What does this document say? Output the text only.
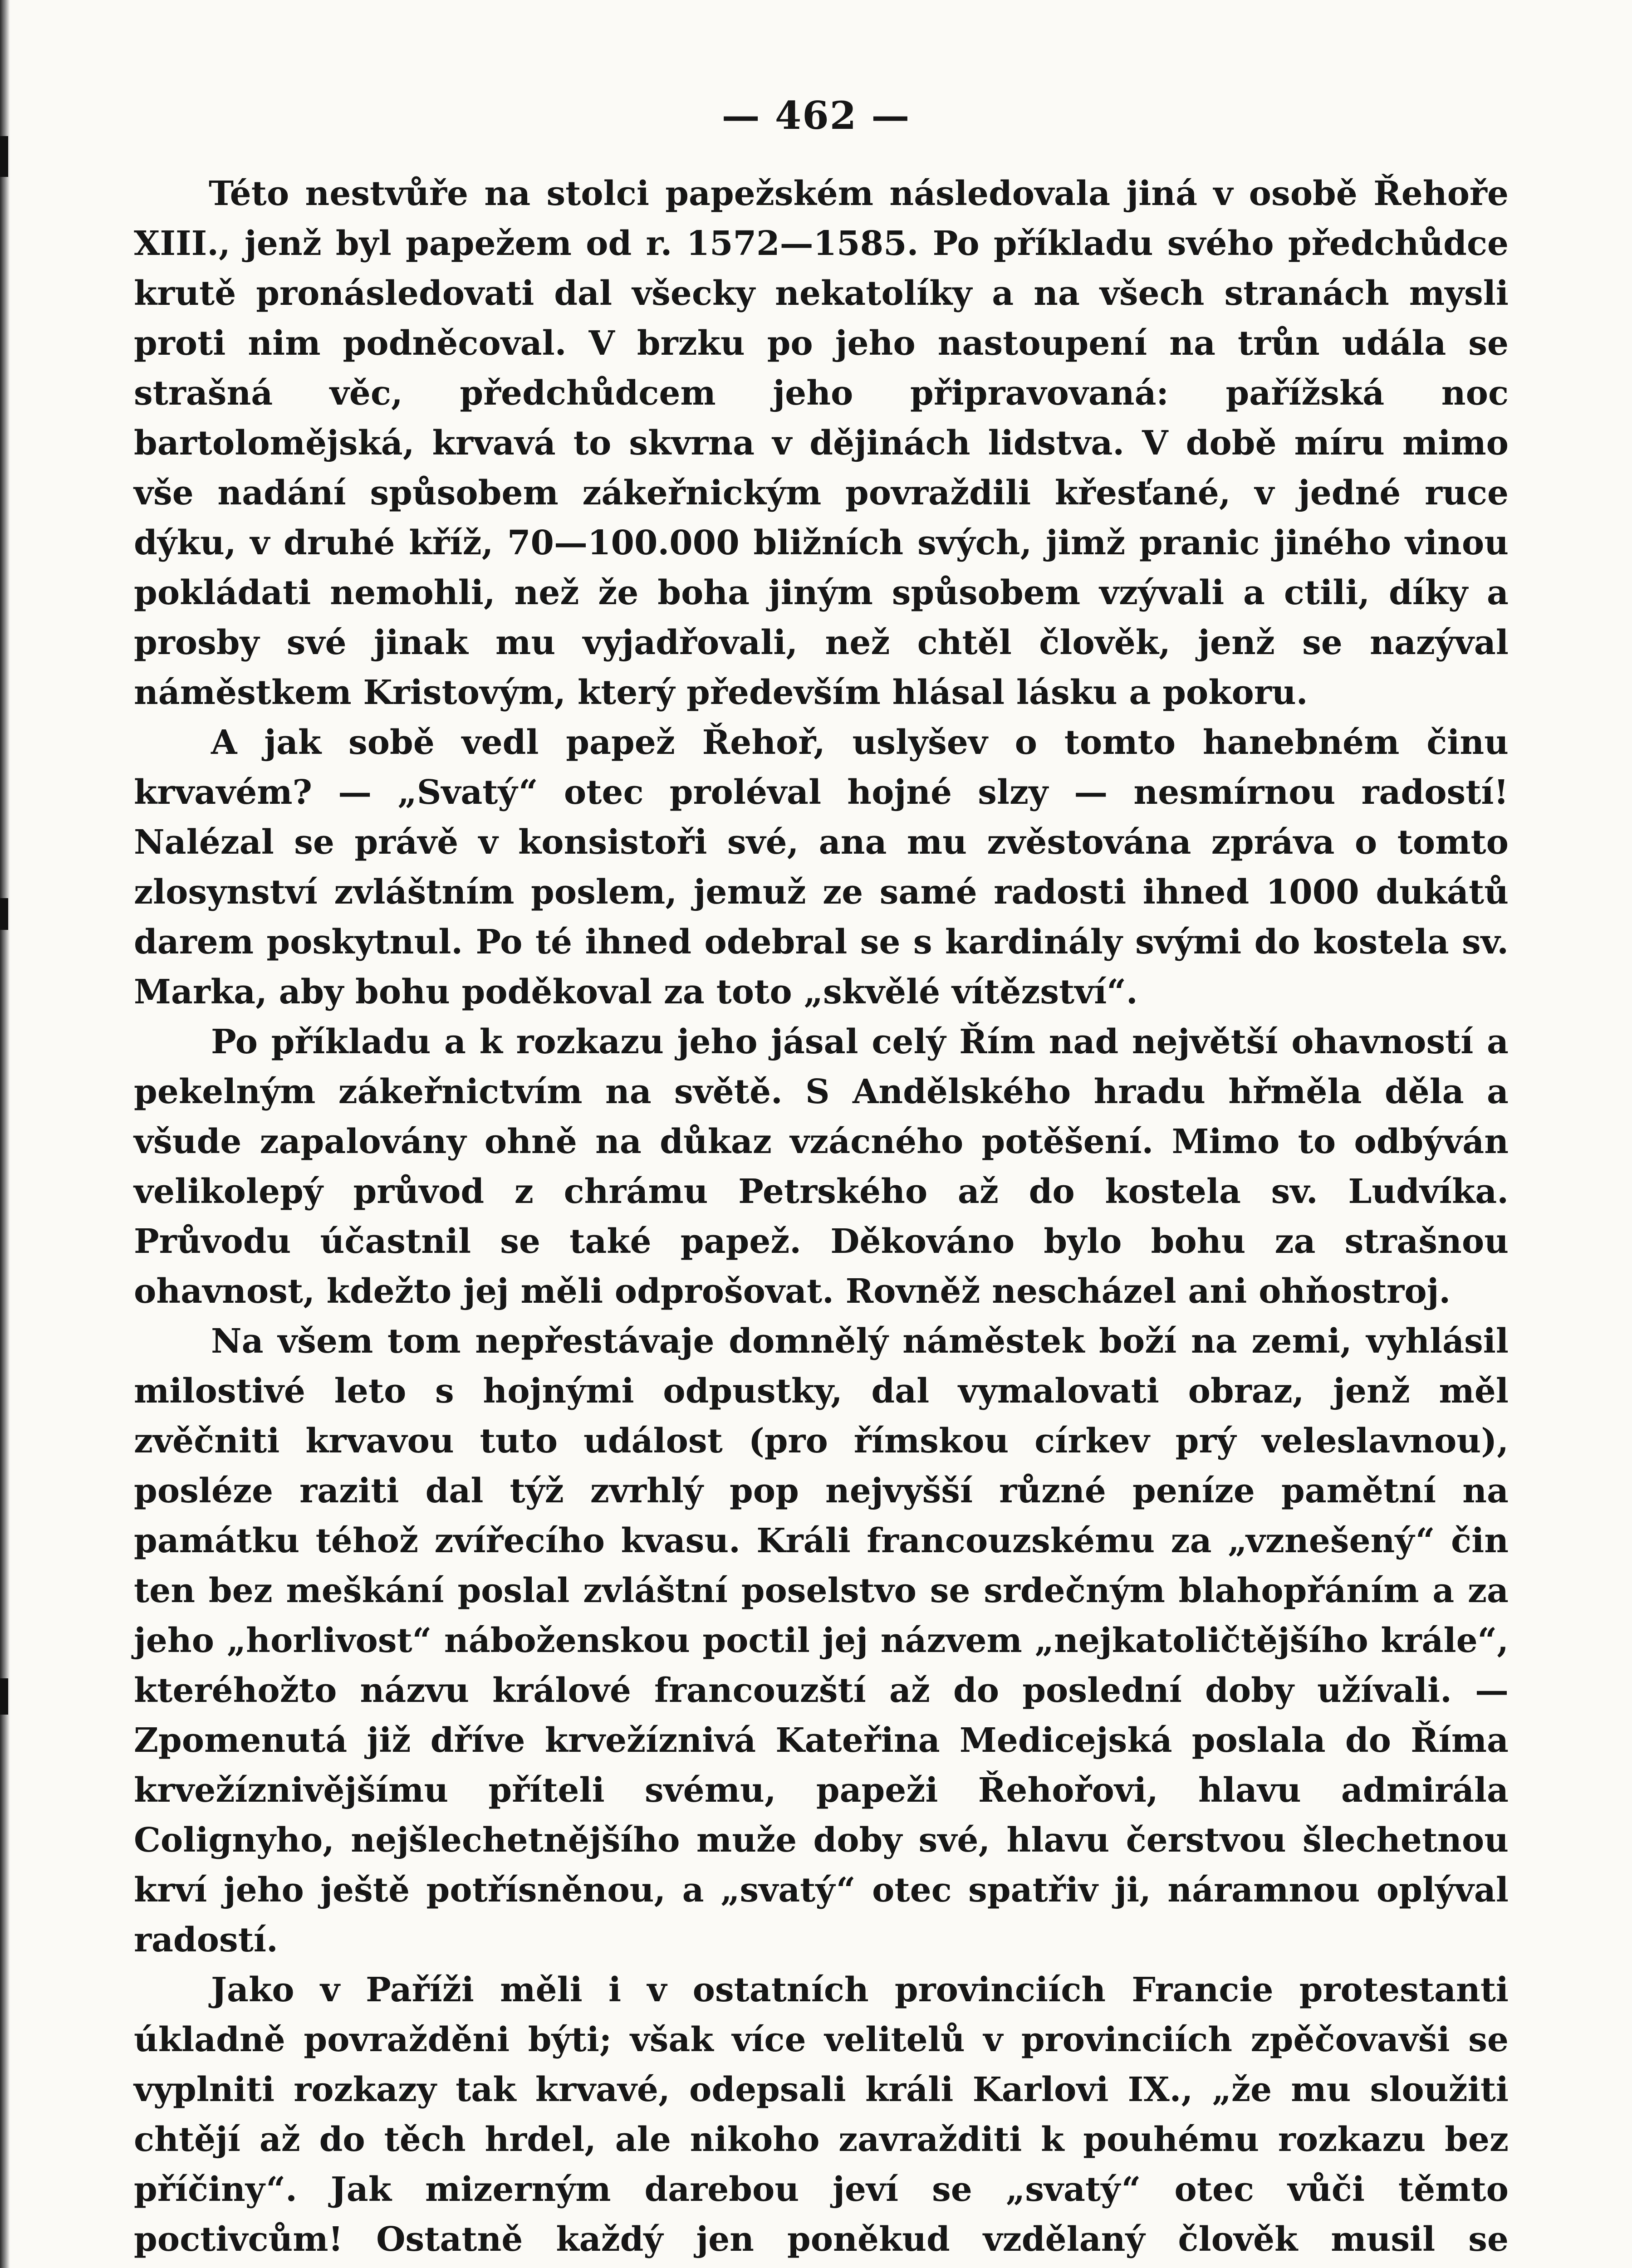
— 462 —

Této nestvůře na stolci papežském následovala jiná v osobě Řehoře XIII., jenž byl papežem od r. 1572—1585. Po příkladu svého předchůdce krutě pronásledovati dal všecky nekatolíky a na všech stranách mysli proti nim podněcoval. V brzku po jeho nastoupení na trůn udála se strašná věc, předchůdcem jeho připravovaná: pařížská noc bartolomějská, krvavá to skvrna v dějinách lidstva. V době míru mimo vše nadání spůsobem zákeřnickým povraždili křesťané, v jedné ruce dýku, v druhé kříž, 70—100.000 bližních svých, jimž pranic jiného vinou pokládati nemohli, než že boha jiným spůsobem vzývali a ctili, díky a prosby své jinak mu vyjadřovali, než chtěl člověk, jenž se nazýval náměstkem Kristovým, který především hlásal lásku a pokoru.

A jak sobě vedl papež Řehoř, uslyšev o tomto hanebném činu krvavém? — „Svatý“ otec proléval hojné slzy — nesmírnou radostí! Nalézal se právě v konsistoři své, ana mu zvěstována zpráva o tomto zlosynství zvláštním poslem, jemuž ze samé radosti ihned 1000 dukátů darem poskytnul. Po té ihned odebral se s kardinály svými do kostela sv. Marka, aby bohu poděkoval za toto „skvělé vítězství“.

Po příkladu a k rozkazu jeho jásal celý Řím nad největší ohavností a pekelným zákeřnictvím na světě. S Andělského hradu hřměla děla a všude zapalovány ohně na důkaz vzácného potěšení. Mimo to odbýván velikolepý průvod z chrámu Petrského až do kostela sv. Ludvíka. Průvodu účastnil se také papež. Děkováno bylo bohu za strašnou ohavnost, kdežto jej měli odprošovat. Rovněž nescházel ani ohňostroj.

Na všem tom nepřestávaje domnělý náměstek boží na zemi, vyhlásil milostivé leto s hojnými odpustky, dal vymalovati obraz, jenž měl zvěčniti krvavou tuto událost (pro římskou církev prý veleslavnou), posléze raziti dal týž zvrhlý pop nejvyšší různé peníze pamětní na památku téhož zvířecího kvasu. Králi francouzskému za „vznešený“ čin ten bez meškání poslal zvláštní poselstvo se srdečným blahopřáním a za jeho „horlivost“ náboženskou poctil jej názvem „nejkatoličtějšího krále“, kteréhožto názvu králové francouzští až do poslední doby užívali. — Zpomenutá již dříve krvežíznivá Kateřina Medicejská poslala do Říma krvežíznivějšímu příteli svému, papeži Řehořovi, hlavu admirála Colignyho, nejšlechetnějšího muže doby své, hlavu čerstvou šlechetnou krví jeho ještě potřísněnou, a „svatý“ otec spatřiv ji, náramnou oplýval radostí.

Jako v Paříži měli i v ostatních provinciích Francie protestanti úkladně povražděni býti; však více velitelů v provinciích zpěčovavši se vyplniti rozkazy tak krvavé, odepsali králi Karlovi IX., „že mu sloužiti chtějí až do těch hrdel, ale nikoho zavražditi k pouhému rozkazu bez příčiny“. Jak mizerným darebou jeví se „svatý“ otec vůči těmto poctivcům! Ostatně každý jen poněkud vzdělaný člověk musil se
